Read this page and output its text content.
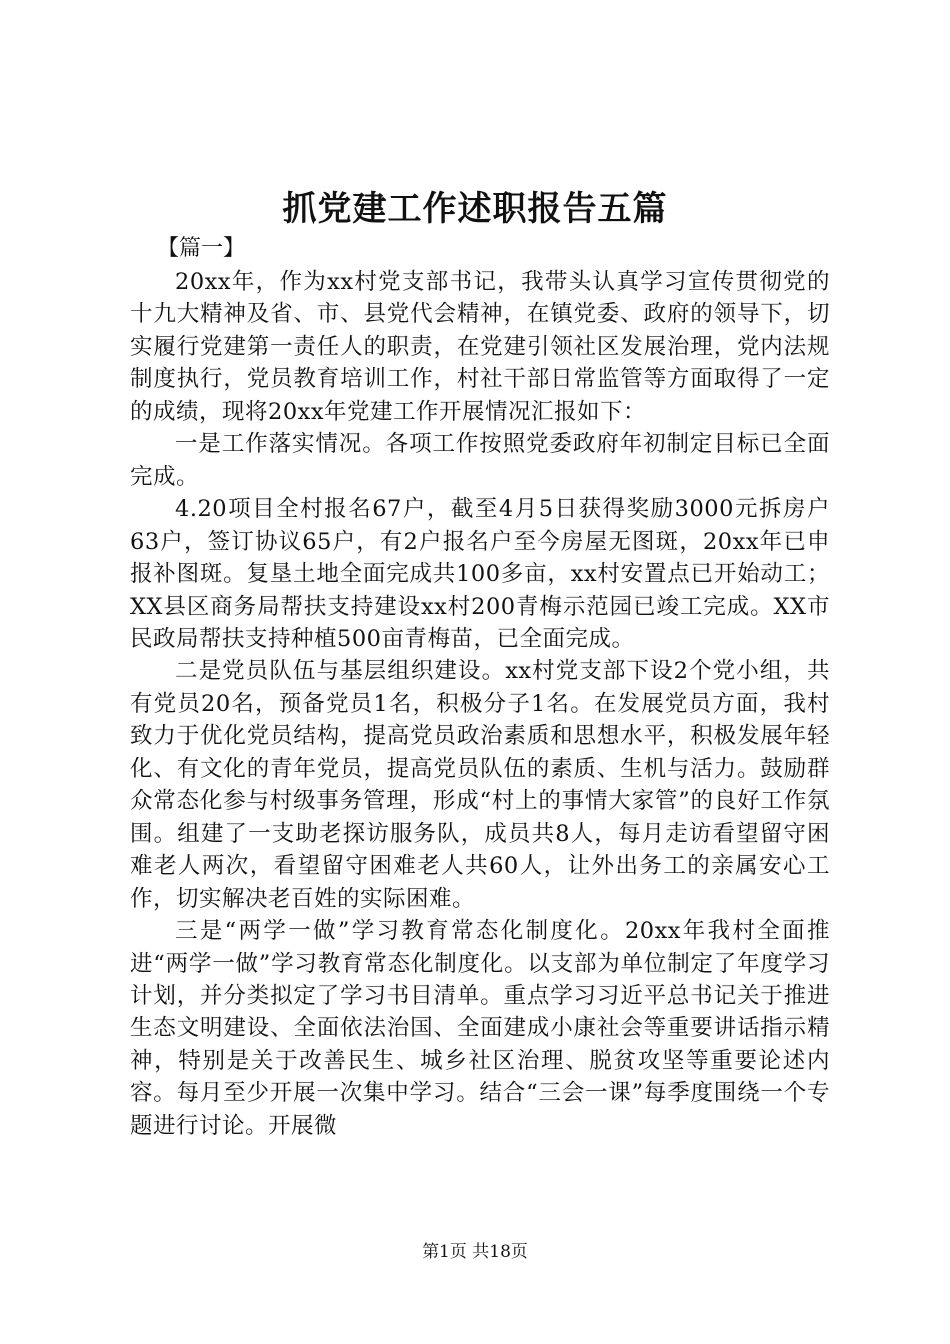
抓党建工作述职报告五篇
【篇一】

20xx年，作为xx村党支部书记，我带头认真学习宣传贯彻党的十九大精神及省、市、县党代会精神，在镇党委、政府的领导下，切实履行党建第一责任人的职责，在党建引领社区发展治理，党内法规制度执行，党员教育培训工作，村社干部日常监管等方面取得了一定的成绩，现将20xx年党建工作开展情况汇报如下：

一是工作落实情况。各项工作按照党委政府年初制定目标已全面完成。

4.20项目全村报名67户，截至4月5日获得奖励3000元拆房户63户，签订协议65户，有2户报名户至今房屋无图斑，20xx年已申报补图斑。复垦土地全面完成共100多亩，xx村安置点已开始动工；XX县区商务局帮扶支持建设xx村200青梅示范园已竣工完成。XX市民政局帮扶支持种植500亩青梅苗，已全面完成。

二是党员队伍与基层组织建设。xx村党支部下设2个党小组，共有党员20名，预备党员1名，积极分子1名。在发展党员方面，我村致力于优化党员结构，提高党员政治素质和思想水平，积极发展年轻化、有文化的青年党员，提高党员队伍的素质、生机与活力。鼓励群众常态化参与村级事务管理，形成“村上的事情大家管”的良好工作氛围。组建了一支助老探访服务队，成员共8人，每月走访看望留守困难老人两次，看望留守困难老人共60人，让外出务工的亲属安心工作，切实解决老百姓的实际困难。

三是“两学一做”学习教育常态化制度化。20xx年我村全面推进“两学一做”学习教育常态化制度化。以支部为单位制定了年度学习计划，并分类拟定了学习书目清单。重点学习习近平总书记关于推进生态文明建设、全面依法治国、全面建成小康社会等重要讲话指示精神，特别是关于改善民生、城乡社区治理、脱贫攻坚等重要论述内容。每月至少开展一次集中学习。结合“三会一课”每季度围绕一个专题进行讨论。开展微

第1页 共18页
